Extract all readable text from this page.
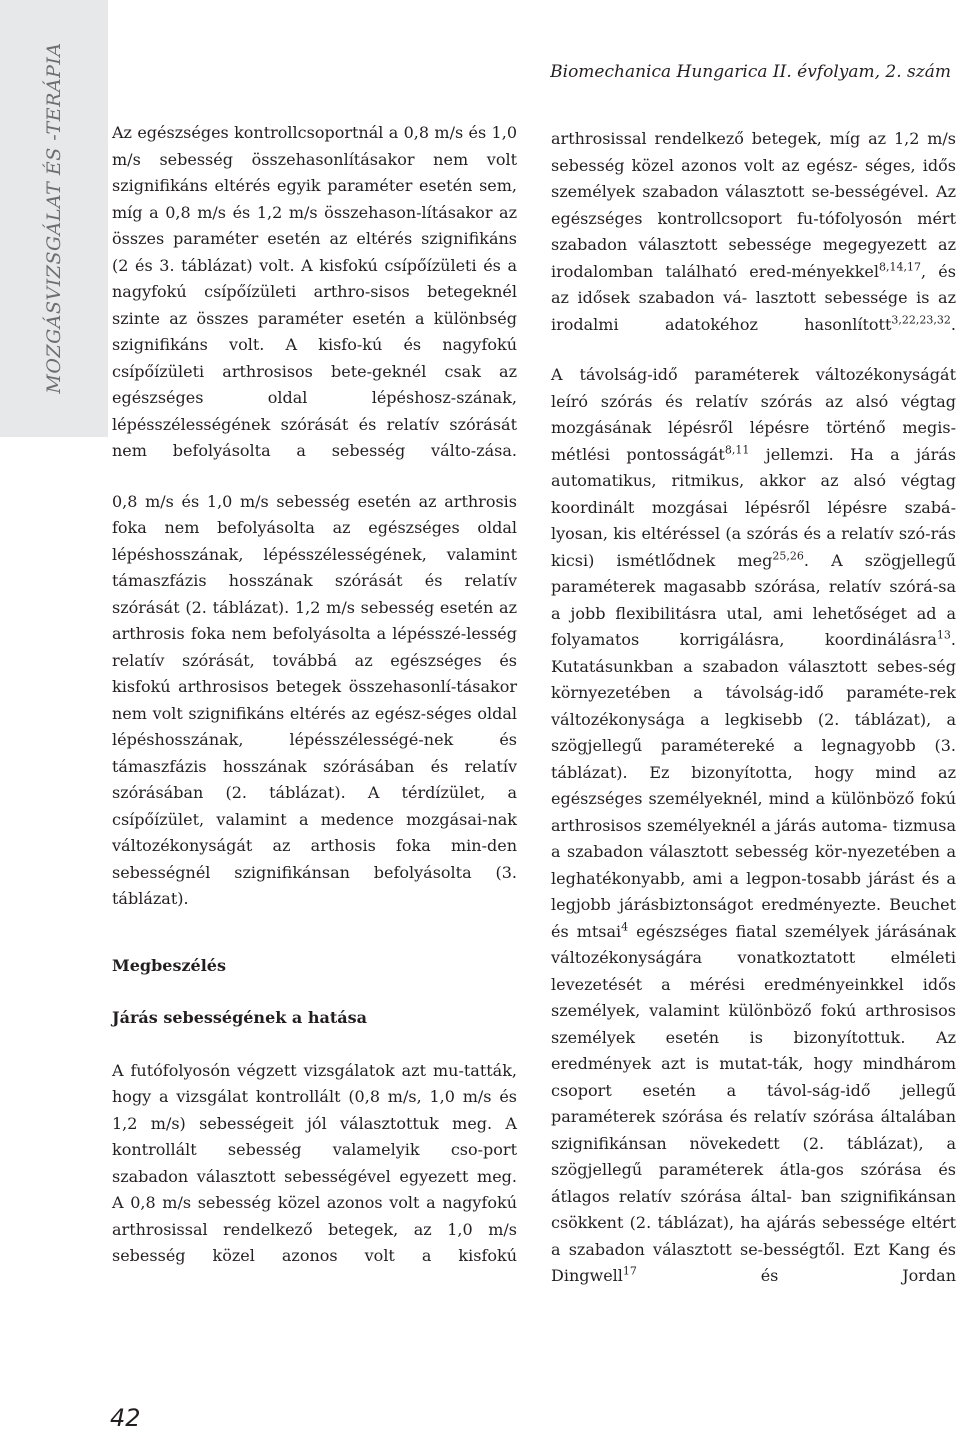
MOZGÁSVIZSGÁLAT ÉS -TERÁPIA	Biomechanica Hungarica II. évfolyam, 2. szám

Az egészséges kontrollcsoportnál a 0,8 m/s és 1,0 m/s sebesség összehasonlításakor nem volt szignifikáns eltérés egyik paraméter esetén sem, míg a 0,8 m/s és 1,2 m/s összehason-lításakor az összes paraméter esetén az eltérés szignifikáns (2 és 3. táblázat) volt. A kisfokú csípőízületi és a nagyfokú csípőízületi arthro-sisos betegeknél szinte az összes paraméter esetén a különbség szignifikáns volt. A kisfo-kú és nagyfokú csípőízületi arthrosisos bete-geknél csak az egészséges oldal lépéshosz-szának, lépésszélességének szórását és relatív szórását nem befolyásolta a sebesség válto-zása.

0,8 m/s és 1,0 m/s sebesség esetén az arthrosis foka nem befolyásolta az egészséges oldal lépéshosszának, lépésszélességének, valamint támaszfázis hosszának szórását és relatív szórását (2. táblázat). 1,2 m/s sebesség esetén az arthrosis foka nem befolyásolta a lépésszé-lesség relatív szórását, továbbá az egészséges és kisfokú arthrosisos betegek összehasonlí-tásakor nem volt szignifikáns eltérés az egész-séges oldal lépéshosszának, lépésszélességé-nek és támaszfázis hosszának szórásában és relatív szórásában (2. táblázat). A térdízület, a csípőízület, valamint a medence mozgásai-nak változékonyságát az arthosis foka min-den sebességnél szignifikánsan befolyásolta (3. táblázat).

Megbeszélés

Járás sebességének a hatása

A futófolyosón végzett vizsgálatok azt mu-tatták, hogy a vizsgálat kontrollált (0,8 m/s, 1,0 m/s és 1,2 m/s) sebességeit jól választottuk meg. A kontrollált sebesség valamelyik cso-port szabadon választott sebességével egyezett meg. A 0,8 m/s sebesség közel azonos volt a nagyfokú arthrosissal rendelkező betegek, az 1,0 m/s sebesség közel azonos volt a kisfokú

arthrosissal rendelkező betegek, míg az 1,2 m/s sebesség közel azonos volt az egész- séges, idős személyek szabadon választott se-bességével. Az egészséges kontrollcsoport fu-tófolyosón mért szabadon választott sebessége megegyezett az irodalomban található ered-ményekkel$^{8,14,17}$, és az idősek szabadon vá- lasztott sebessége is az irodalmi adatokéhoz	hasonlított$^{3,22,23,32}$.

A távolság-idő paraméterek változékonyságát leíró szórás és relatív szórás az alsó végtag mozgásának lépésről lépésre történő megis-métlési pontosságát$^{8,11}$ jellemzi. Ha a járás automatikus, ritmikus, akkor az alsó végtag koordinált mozgásai lépésről lépésre szabá-lyosan, kis eltéréssel (a szórás és a relatív szó-rás kicsi) ismétlődnek meg$^{25,26}$. A szögjellegű paraméterek magasabb szórása, relatív szórá-sa a jobb flexibilitásra utal, ami lehetőséget ad a folyamatos korrigálásra, koordinálásra$^{13}$. Kutatásunkban a szabadon választott sebes-ség környezetében a távolság-idő paraméte-rek változékonysága a legkisebb (2. táblázat), a szögjellegű paramétereké a legnagyobb (3. táblázat). Ez bizonyította, hogy mind az egészséges személyeknél, mind a különböző fokú arthrosisos személyeknél a járás automa- tizmusa a szabadon választott sebesség kör-nyezetében a leghatékonyabb, ami a legpon-tosabb járást és a legjobb járásbiztonságot eredményezte. Beuchet és mtsai$^4$ egészséges fiatal személyek járásának változékonyságára vonatkoztatott elméleti levezetését a mérési eredményeinkkel idős személyek, valamint különböző fokú arthrosisos személyek esetén is bizonyítottuk. Az eredmények azt is mutat-ták, hogy mindhárom csoport esetén a távol-ság-idő jellegű paraméterek szórása és relatív szórása általában szignifikánsan növekedett (2. táblázat), a szögjellegű paraméterek átla-gos szórása és átlagos relatív szórása által- ban szignifikánsan csökkent (2. táblázat), ha ajárás sebessége eltért a szabadon választott se-bességtől. Ezt Kang és Dingwell$^{17}$ és Jordan

42
